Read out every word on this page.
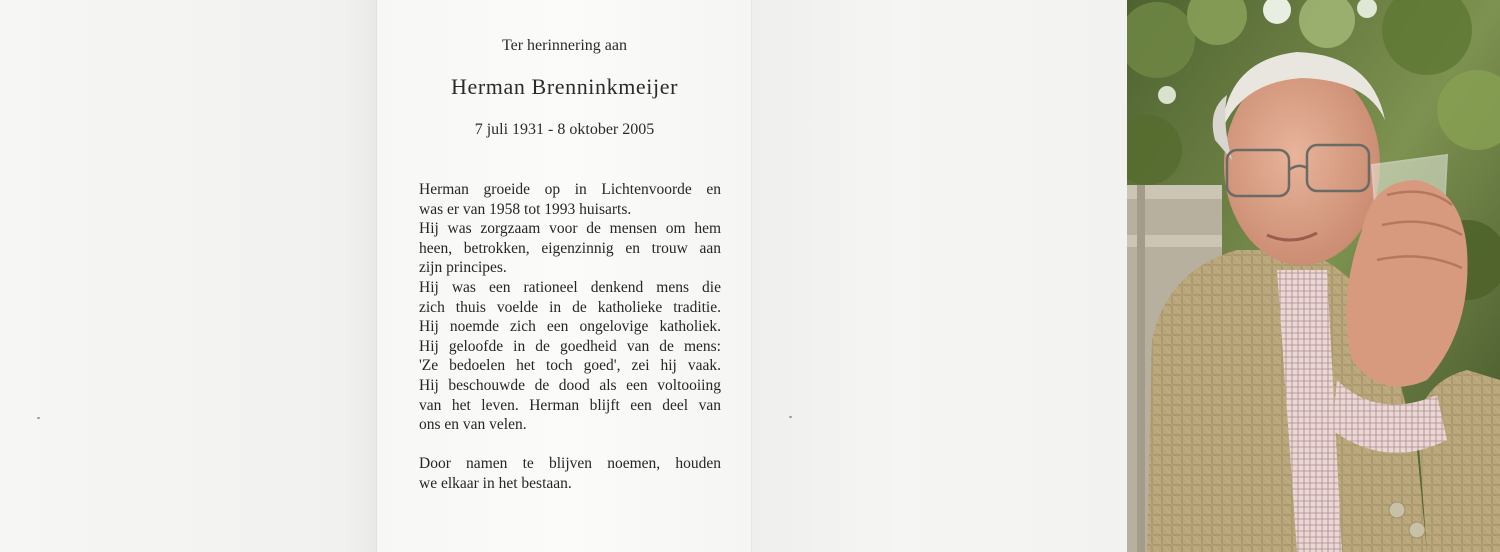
Ter herinnering aan
Herman Brenninkmeijer
7 juli 1931 - 8 oktober 2005
Herman groeide op in Lichtenvoorde en
was er van 1958 tot 1993 huisarts.
Hij was zorgzaam voor de mensen om hem
heen, betrokken, eigenzinnig en trouw aan
zijn principes.
Hij was een rationeel denkend mens die
zich thuis voelde in de katholieke traditie.
Hij noemde zich een ongelovige katholiek.
Hij geloofde in de goedheid van de mens:
'Ze bedoelen het toch goed', zei hij vaak.
Hij beschouwde de dood als een voltooiing
van het leven. Herman blijft een deel van
ons en van velen.
Door namen te blijven noemen, houden
we elkaar in het bestaan.
